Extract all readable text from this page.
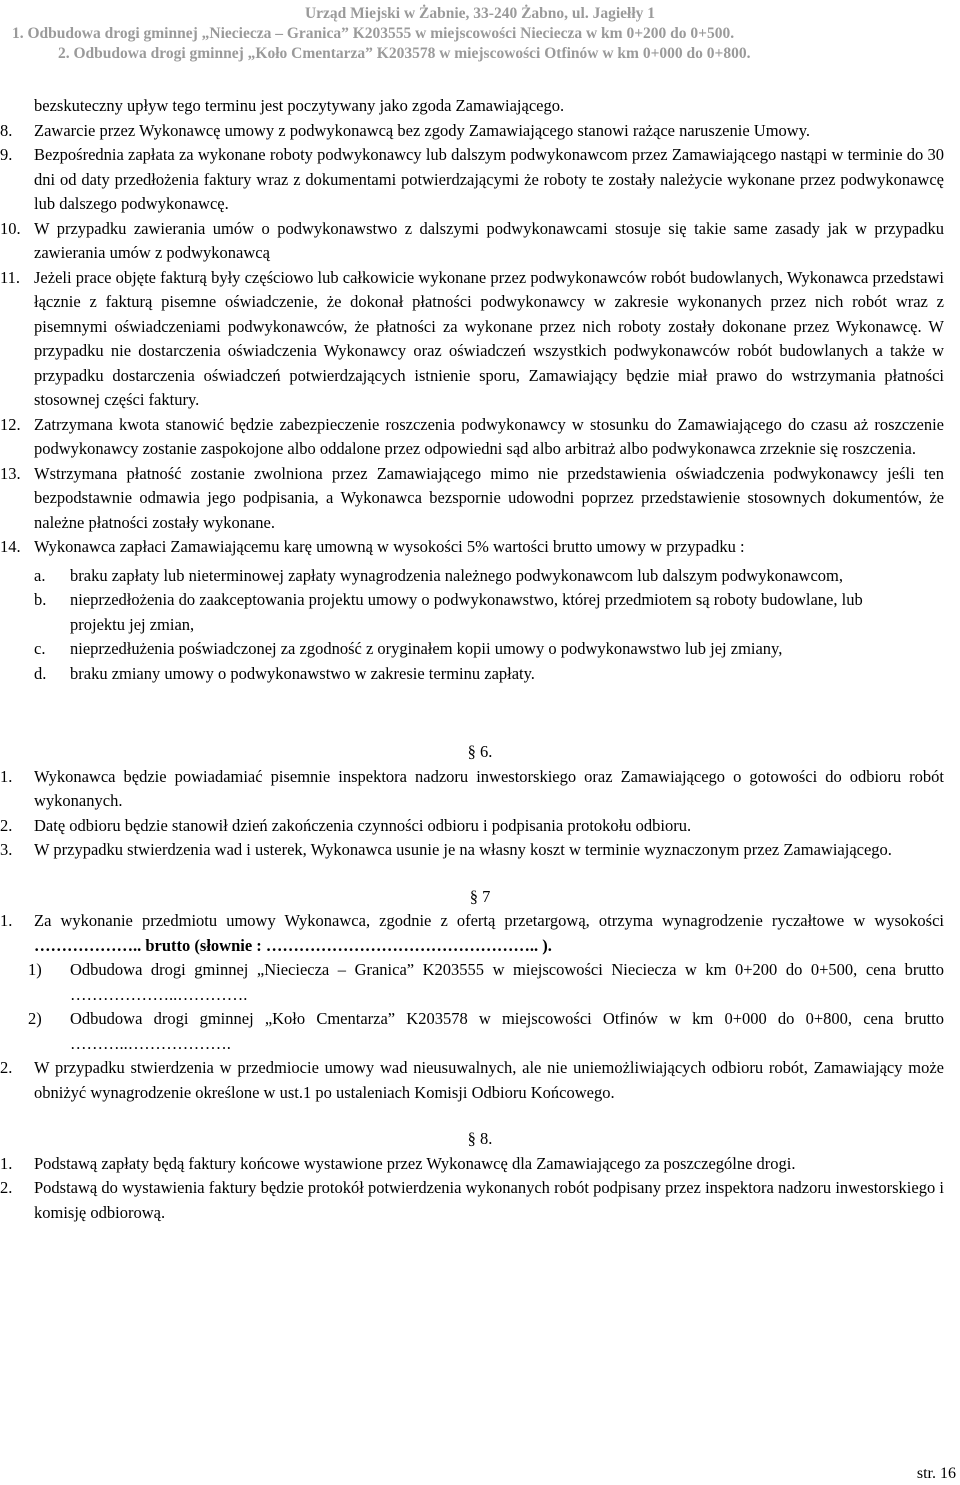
Urząd Miejski w Żabnie, 33-240 Żabno, ul. Jagiełły 1
1. Odbudowa drogi gminnej „Niecieczа – Granica” K203555 w miejscowości Niecieczа w km 0+200 do 0+500.
2. Odbudowa drogi gminnej „Koło Cmentarza” K203578 w miejscowości Otfinów w km 0+000 do 0+800.
bezskuteczny upływ tego terminu jest poczytywany jako zgoda Zamawiającego.
8. Zawarcie przez Wykonawcę umowy z podwykonawcą bez zgody Zamawiającego stanowi rażące naruszenie Umowy.
9. Bezpośrednia zapłata za wykonane roboty podwykonawcy lub dalszym podwykonawcom przez Zamawiającego nastąpi w terminie do 30 dni od daty przedłożenia faktury wraz z dokumentami potwierdzającymi że roboty te zostały należycie wykonane przez podwykonawcę lub dalszego podwykonawcę.
10. W przypadku zawierania umów o podwykonawstwo z dalszymi podwykonawcami stosuje się takie same zasady jak w przypadku zawierania umów z podwykonawcą
11. Jeżeli prace objęte fakturą były częściowo lub całkowicie wykonane przez podwykonawców robót budowlanych, Wykonawca przedstawi łącznie z fakturą pisemne oświadczenie, że dokonał płatności podwykonawcy w zakresie wykonanych przez nich robót wraz z pisemnymi oświadczeniami podwykonawców, że płatności za wykonane przez nich roboty zostały dokonane przez Wykonawcę. W przypadku nie dostarczenia oświadczenia Wykonawcy oraz oświadczeń wszystkich podwykonawców robót budowlanych a także w przypadku dostarczenia oświadczeń potwierdzających istnienie sporu, Zamawiający będzie miał prawo do wstrzymania płatności stosownej części faktury.
12. Zatrzymana kwota stanowić będzie zabezpieczenie roszczenia podwykonawcy w stosunku do Zamawiającego do czasu aż roszczenie podwykonawcy zostanie zaspokojone albo oddalone przez odpowiedni sąd albo arbitraż albo podwykonawca zrzeknie się roszczenia.
13. Wstrzymana płatność zostanie zwolniona przez Zamawiającego mimo nie przedstawienia oświadczenia podwykonawcy jeśli ten bezpodstawnie odmawia jego podpisania, a Wykonawca bezspornie udowodni poprzez przedstawienie stosownych dokumentów, że należne płatności zostały wykonane.
14. Wykonawca zapłaci Zamawiającemu karę umowną w wysokości 5% wartości brutto umowy w przypadku :
a. braku zapłaty lub nieterminowej zapłaty wynagrodzenia należnego podwykonawcom lub dalszym podwykonawcom,
b. nieprzedłożenia do zaakceptowania projektu umowy o podwykonawstwo, której przedmiotem są roboty budowlane, lub projektu jej zmian,
c. nieprzedłużenia poświadczonej za zgodność z oryginałem kopii umowy o podwykonawstwo lub jej zmiany,
d. braku zmiany umowy o podwykonawstwo w zakresie terminu zapłaty.
§ 6.
1. Wykonawca będzie powiadamiać pisemnie inspektora nadzoru inwestorskiego oraz Zamawiającego o gotowości do odbioru robót wykonanych.
2. Datę odbioru będzie stanowił dzień zakończenia czynności odbioru i podpisania protokołu odbioru.
3. W przypadku stwierdzenia wad i usterek, Wykonawca usunie je na własny koszt w terminie wyznaczonym przez Zamawiającego.
§ 7
1. Za wykonanie przedmiotu umowy Wykonawca, zgodnie z ofertą przetargową, otrzyma wynagrodzenie ryczałtowe w wysokości ……………….. brutto (słownie : ………………………………………….. ).
1) Odbudowa drogi gminnej „Niecieczа – Granica” K203555 w miejscowości Niecieczа w km 0+200 do 0+500, cena brutto ………………..………….
2) Odbudowa drogi gminnej „Koło Cmentarza” K203578 w miejscowości Otfinów w km 0+000 do 0+800, cena brutto ………..……………….
2. W przypadku stwierdzenia w przedmiocie umowy wad nieusuwalnych, ale nie uniemożliwiających odbioru robót, Zamawiający może obniżyć wynagrodzenie określone w ust.1 po ustaleniach Komisji Odbioru Końcowego.
§ 8.
1. Podstawą zapłaty będą faktury końcowe wystawione przez Wykonawcę dla Zamawiającego za poszczególne drogi.
2. Podstawą do wystawienia faktury będzie protokół potwierdzenia wykonanych robót podpisany przez inspektora nadzoru inwestorskiego i komisję odbiorową.
str. 16
